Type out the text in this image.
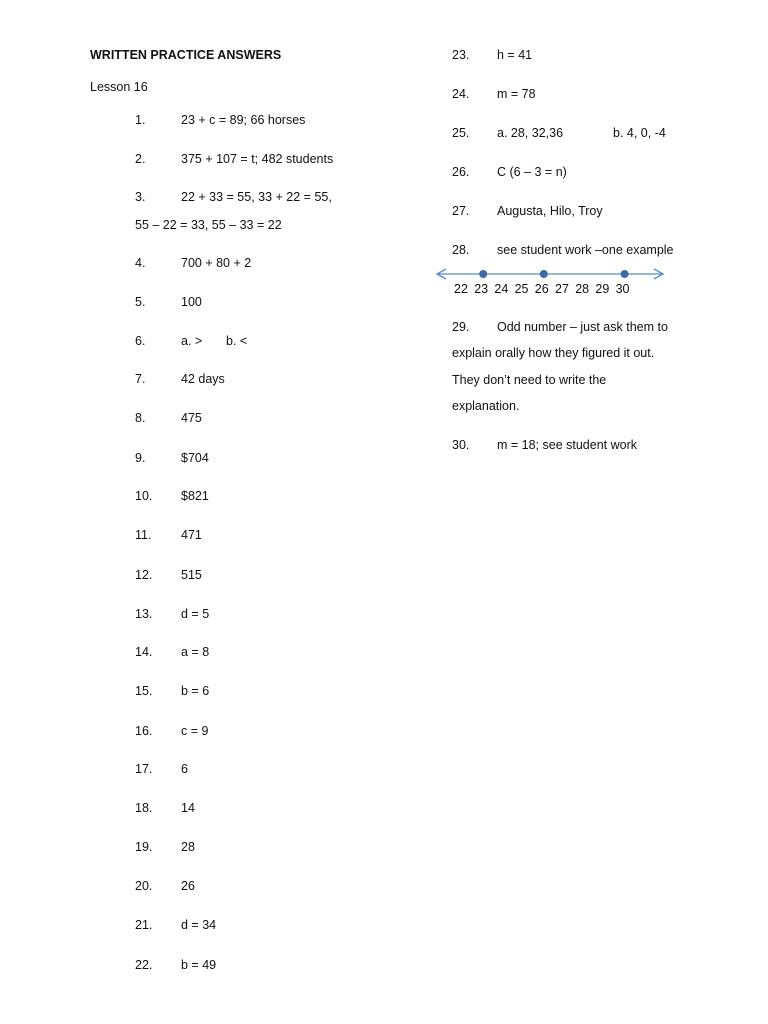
WRITTEN PRACTICE ANSWERS
Lesson 16
1.	23 + c = 89; 66 horses
2.	375 + 107 = t; 482 students
3.	22 + 33 = 55, 33 + 22 = 55,
55 – 22 = 33, 55 – 33 = 22
4.	700 + 80 + 2
5.	100
6.	a. > b. <
7.	42 days
8.	475
9.	$704
10. $821
11. 471
12. 515
13. d = 5
14. a = 8
15. b = 6
16. c = 9
17. 6
18. 14
19. 28
20. 26
21. d = 34
22. b = 49
23. h = 41
24. m = 78
25. a. 28, 32,36	b. 4, 0, -4
26. C (6 – 3 = n)
27. Augusta, Hilo, Troy
28. see student work –one example
22 23 24 25 26 27 28 29 30
29. Odd number – just ask them to
explain orally how they figured it out.
They don’t need to write the
explanation.
30. m = 18; see student work
